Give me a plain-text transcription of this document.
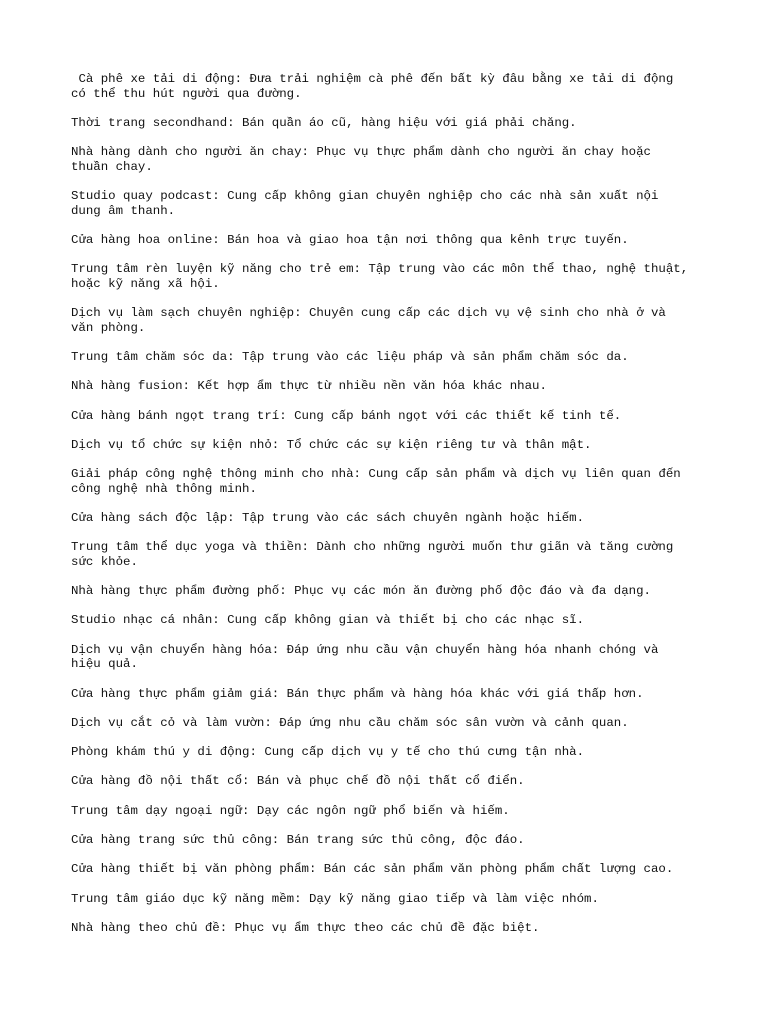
Cà phê xe tải di động: Đưa trải nghiệm cà phê đến bất kỳ đâu bằng xe tải di động
có thể thu hút người qua đường.

Thời trang secondhand: Bán quần áo cũ, hàng hiệu với giá phải chăng.

Nhà hàng dành cho người ăn chay: Phục vụ thực phẩm dành cho người ăn chay hoặc
thuần chay.

Studio quay podcast: Cung cấp không gian chuyên nghiệp cho các nhà sản xuất nội
dung âm thanh.

Cửa hàng hoa online: Bán hoa và giao hoa tận nơi thông qua kênh trực tuyến.

Trung tâm rèn luyện kỹ năng cho trẻ em: Tập trung vào các môn thể thao, nghệ thuật,
hoặc kỹ năng xã hội.

Dịch vụ làm sạch chuyên nghiệp: Chuyên cung cấp các dịch vụ vệ sinh cho nhà ở và
văn phòng.

Trung tâm chăm sóc da: Tập trung vào các liệu pháp và sản phẩm chăm sóc da.

Nhà hàng fusion: Kết hợp ẩm thực từ nhiều nền văn hóa khác nhau.

Cửa hàng bánh ngọt trang trí: Cung cấp bánh ngọt với các thiết kế tinh tế.

Dịch vụ tổ chức sự kiện nhỏ: Tổ chức các sự kiện riêng tư và thân mật.

Giải pháp công nghệ thông minh cho nhà: Cung cấp sản phẩm và dịch vụ liên quan đến
công nghệ nhà thông minh.

Cửa hàng sách độc lập: Tập trung vào các sách chuyên ngành hoặc hiếm.

Trung tâm thể dục yoga và thiền: Dành cho những người muốn thư giãn và tăng cường
sức khỏe.

Nhà hàng thực phẩm đường phố: Phục vụ các món ăn đường phố độc đáo và đa dạng.

Studio nhạc cá nhân: Cung cấp không gian và thiết bị cho các nhạc sĩ.

Dịch vụ vận chuyển hàng hóa: Đáp ứng nhu cầu vận chuyển hàng hóa nhanh chóng và
hiệu quả.

Cửa hàng thực phẩm giảm giá: Bán thực phẩm và hàng hóa khác với giá thấp hơn.

Dịch vụ cắt cỏ và làm vườn: Đáp ứng nhu cầu chăm sóc sân vườn và cảnh quan.

Phòng khám thú y di động: Cung cấp dịch vụ y tế cho thú cưng tận nhà.

Cửa hàng đồ nội thất cổ: Bán và phục chế đồ nội thất cổ điển.

Trung tâm dạy ngoại ngữ: Dạy các ngôn ngữ phổ biến và hiếm.

Cửa hàng trang sức thủ công: Bán trang sức thủ công, độc đáo.

Cửa hàng thiết bị văn phòng phẩm: Bán các sản phẩm văn phòng phẩm chất lượng cao.

Trung tâm giáo dục kỹ năng mềm: Dạy kỹ năng giao tiếp và làm việc nhóm.

Nhà hàng theo chủ đề: Phục vụ ẩm thực theo các chủ đề đặc biệt.
